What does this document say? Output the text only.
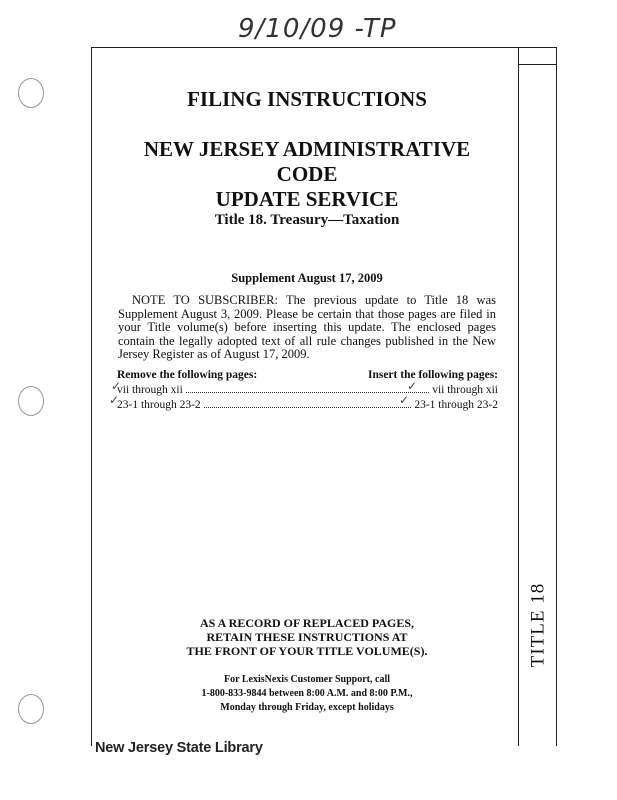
9/10/09 -TP
TITLE 18
FILING INSTRUCTIONS
NEW JERSEY ADMINISTRATIVE CODE
UPDATE SERVICE
Title 18. Treasury—Taxation
Supplement August 17, 2009
NOTE TO SUBSCRIBER: The previous update to Title 18 was Supplement August 3, 2009. Please be certain that those pages are filed in your Title volume(s) before inserting this update. The enclosed pages contain the legally adopted text of all rule changes published in the New Jersey Register as of August 17, 2009.
Remove the following pages:	Insert the following pages:
vii through xii	vii through xii
23-1 through 23-2	23-1 through 23-2
✓
✓
✓
✓
AS A RECORD OF REPLACED PAGES,
RETAIN THESE INSTRUCTIONS AT
THE FRONT OF YOUR TITLE VOLUME(S).
For LexisNexis Customer Support, call
1-800-833-9844 between 8:00 A.M. and 8:00 P.M.,
Monday through Friday, except holidays
New Jersey State Library
